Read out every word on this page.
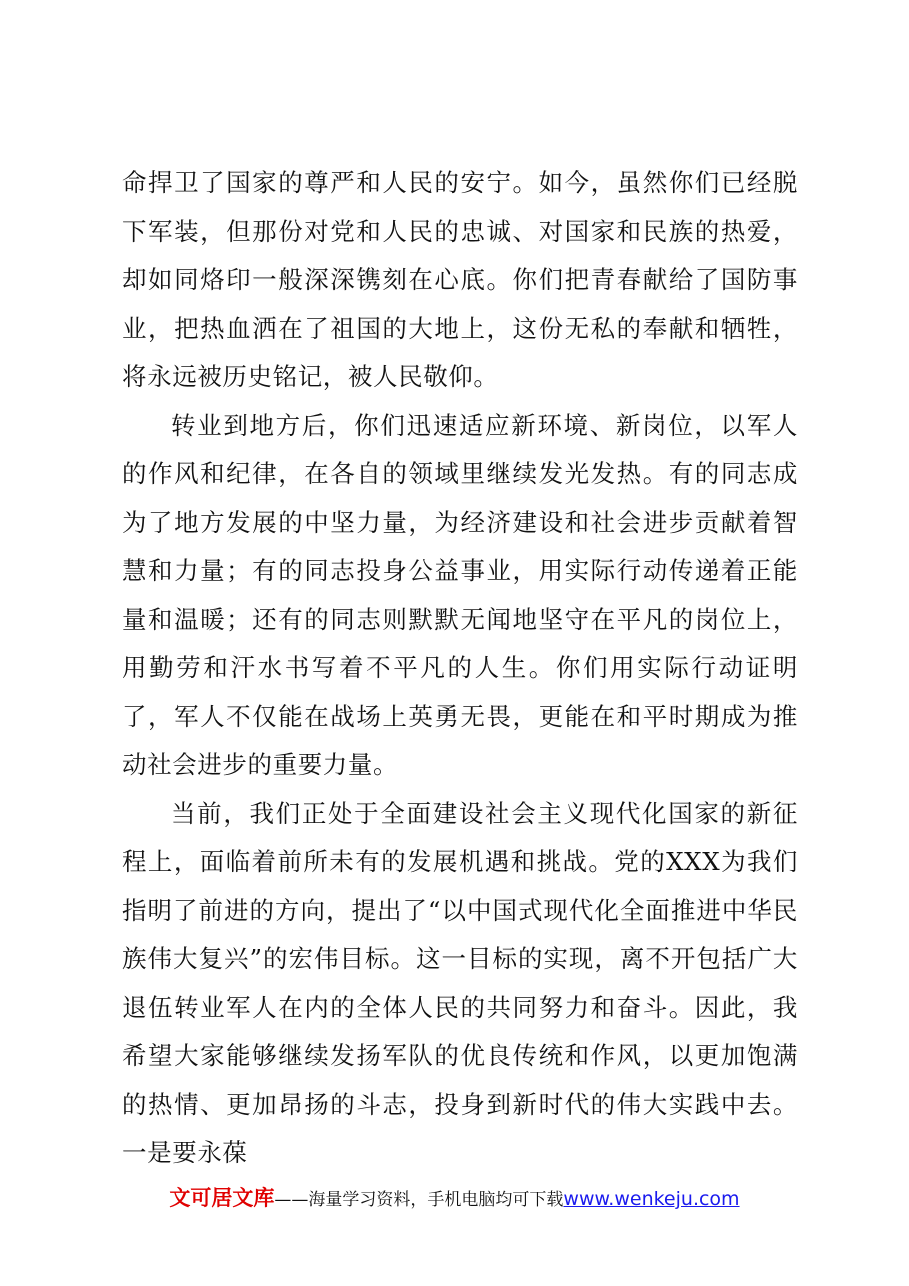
命捍卫了国家的尊严和人民的安宁。如今，虽然你们已经脱下军装，但那份对党和人民的忠诚、对国家和民族的热爱，却如同烙印一般深深镌刻在心底。你们把青春献给了国防事业，把热血洒在了祖国的大地上，这份无私的奉献和牺牲，将永远被历史铭记，被人民敬仰。

转业到地方后，你们迅速适应新环境、新岗位，以军人的作风和纪律，在各自的领域里继续发光发热。有的同志成为了地方发展的中坚力量，为经济建设和社会进步贡献着智慧和力量；有的同志投身公益事业，用实际行动传递着正能量和温暖；还有的同志则默默无闻地坚守在平凡的岗位上，用勤劳和汗水书写着不平凡的人生。你们用实际行动证明了，军人不仅能在战场上英勇无畏，更能在和平时期成为推动社会进步的重要力量。

当前，我们正处于全面建设社会主义现代化国家的新征程上，面临着前所未有的发展机遇和挑战。党的XXX为我们指明了前进的方向，提出了“以中国式现代化全面推进中华民族伟大复兴”的宏伟目标。这一目标的实现，离不开包括广大退伍转业军人在内的全体人民的共同努力和奋斗。因此，我希望大家能够继续发扬军队的优良传统和作风，以更加饱满的热情、更加昂扬的斗志，投身到新时代的伟大实践中去。一是要永葆

文可居文库——海量学习资料，手机电脑均可下载www.wenkeju.com
